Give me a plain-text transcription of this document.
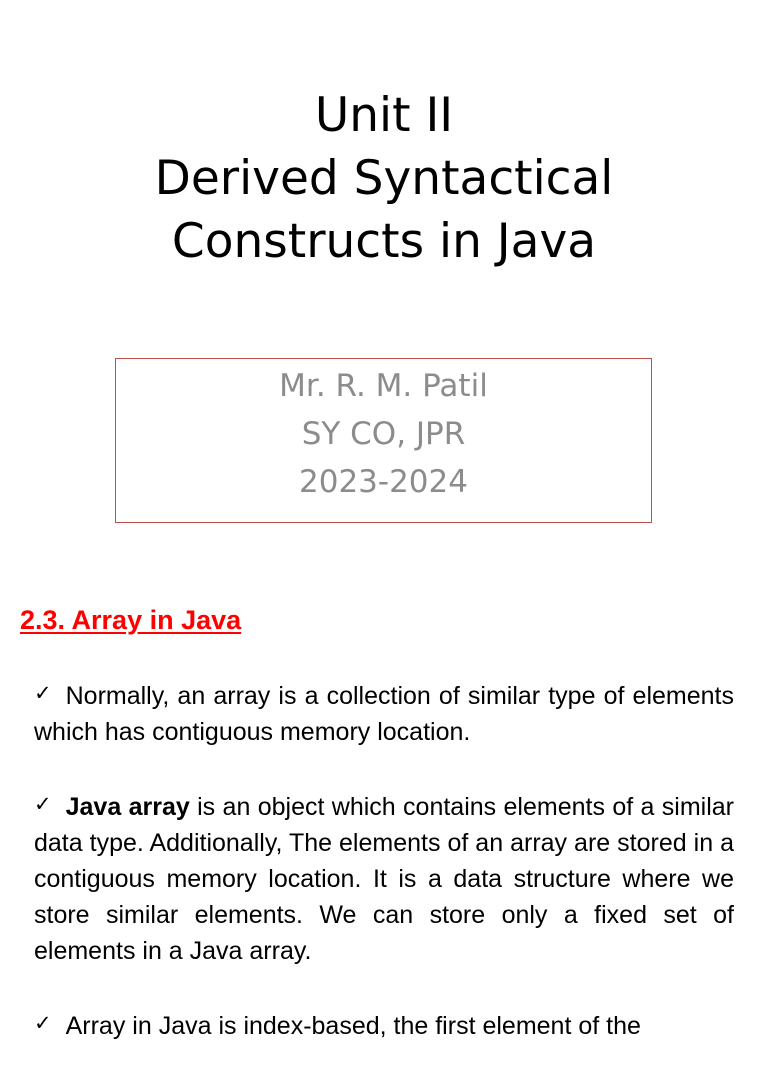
Unit II
Derived Syntactical
Constructs in Java
Mr. R. M. Patil
SY CO, JPR
2023-2024
2.3. Array in Java

✓ Normally, an array is a collection of similar type of elements which has contiguous memory location.

✓ Java array is an object which contains elements of a similar data type. Additionally, The elements of an array are stored in a contiguous memory location. It is a data structure where we store similar elements. We can store only a fixed set of elements in a Java array.

✓ Array in Java is index-based, the first element of the
